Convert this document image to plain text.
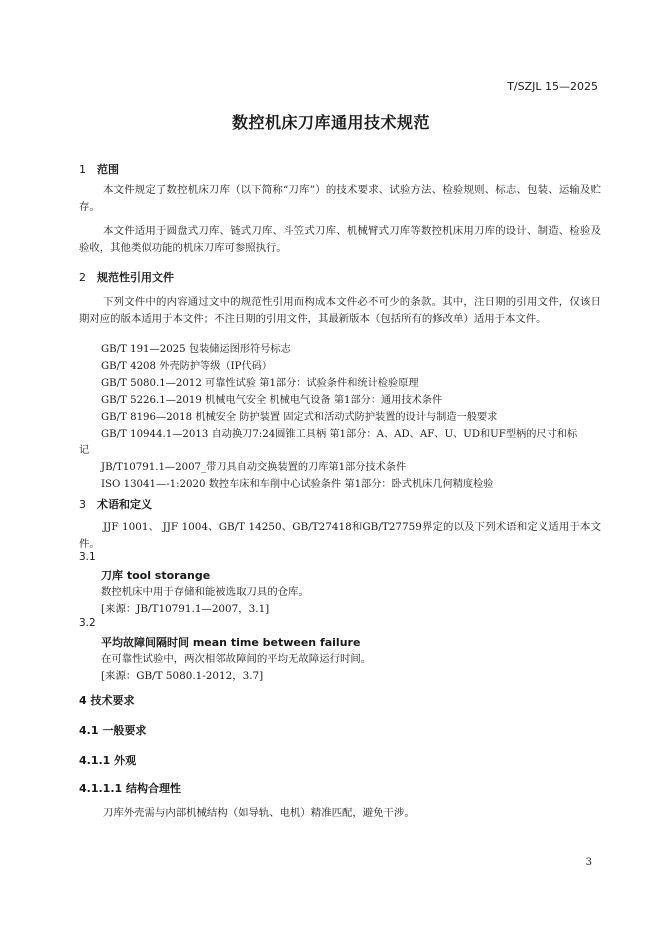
T/SZJL 15—2025
数控机床刀库通用技术规范
1 范围
本文件规定了数控机床刀库（以下简称“刀库”）的技术要求、试验方法、检验规则、标志、包装、运输及贮存。
本文件适用于圆盘式刀库、链式刀库、斗笠式刀库、机械臂式刀库等数控机床用刀库的设计、制造、检验及验收，其他类似功能的机床刀库可参照执行。
2 规范性引用文件
下列文件中的内容通过文中的规范性引用而构成本文件必不可少的条款。其中，注日期的引用文件，仅该日期对应的版本适用于本文件；不注日期的引用文件，其最新版本（包括所有的修改单）适用于本文件。
GB/T 191—2025 包装储运图形符号标志
GB/T 4208 外壳防护等级（IP代码）
GB/T 5080.1—2012 可靠性试验 第1部分：试验条件和统计检验原理
GB/T 5226.1—2019 机械电气安全 机械电气设备 第1部分：通用技术条件
GB/T 8196—2018 机械安全 防护装置 固定式和活动式防护装置的设计与制造一般要求
GB/T 10944.1—2013 自动换刀7:24圆锥工具柄 第1部分：A、AD、AF、U、UD和UF型柄的尺寸和标
记
JB/T10791.1—2007_带刀具自动交换装置的刀库第1部分技术条件
ISO 13041—-1:2020 数控车床和车削中心试验条件 第1部分：卧式机床几何精度检验
3 术语和定义
JJF 1001、 JJF 1004、GB/T 14250、GB/T27418和GB/T27759界定的以及下列术语和定义适用于本文件。
3.1
刀库 tool storange
数控机床中用于存储和能被选取刀具的仓库。
[来源：JB/T10791.1—2007，3.1]
3.2
平均故障间隔时间 mean time between failure
在可靠性试验中，两次相邻故障间的平均无故障运行时间。
[来源：GB/T 5080.1-2012，3.7]
4 技术要求
4.1 一般要求
4.1.1 外观
4.1.1.1 结构合理性
刀库外壳需与内部机械结构（如导轨、电机）精准匹配，避免干涉。
3
